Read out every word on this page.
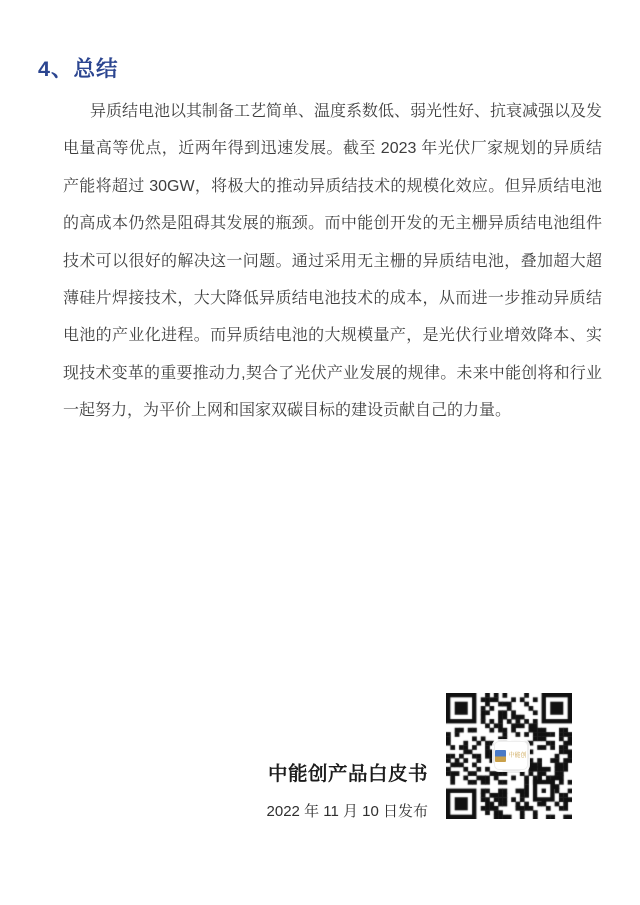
4、总结

异质结电池以其制备工艺简单、温度系数低、弱光性好、抗衰减强以及发电量高等优点，近两年得到迅速发展。截至 2023 年光伏厂家规划的异质结产能将超过 30GW，将极大的推动异质结技术的规模化效应。但异质结电池的高成本仍然是阻碍其发展的瓶颈。而中能创开发的无主栅异质结电池组件技术可以很好的解决这一问题。通过采用无主栅的异质结电池，叠加超大超薄硅片焊接技术，大大降低异质结电池技术的成本，从而进一步推动异质结电池的产业化进程。而异质结电池的大规模量产，是光伏行业增效降本、实现技术变革的重要推动力,契合了光伏产业发展的规律。未来中能创将和行业一起努力，为平价上网和国家双碳目标的建设贡献自己的力量。

中能创产品白皮书
2022 年 11 月 10 日发布
中能创
